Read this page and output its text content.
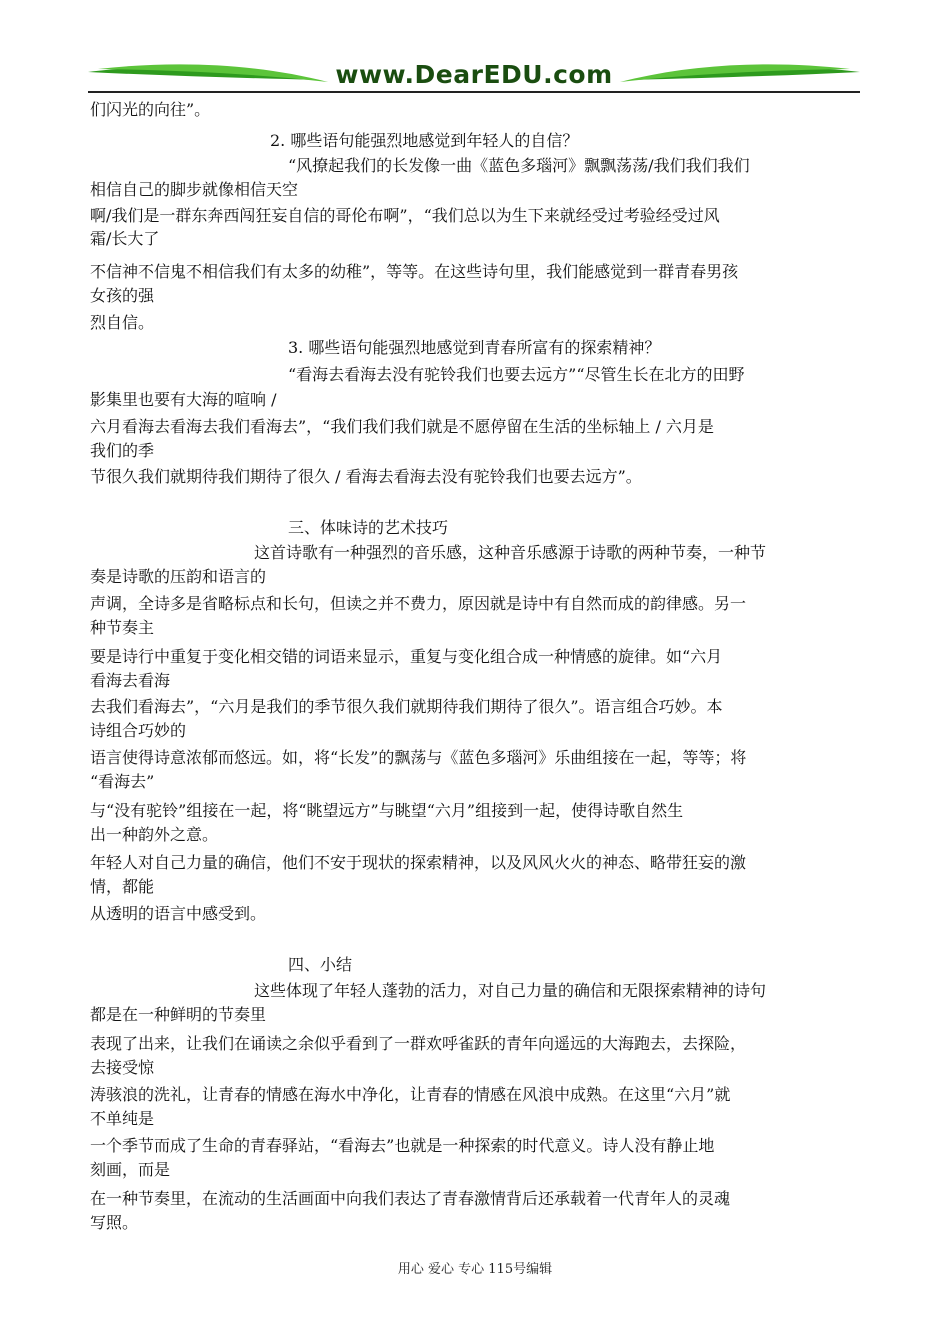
www.DearEDU.com
用心 爱心 专心 115号编辑
们闪光的向往”。
2. 哪些语句能强烈地感觉到年轻人的自信？
“风撩起我们的长发像一曲《蓝色多瑙河》飘飘荡荡/我们我们我们
相信自己的脚步就像相信天空
啊/我们是一群东奔西闯狂妄自信的哥伦布啊”，“我们总以为生下来就经受过考验经受过风
霜/长大了
不信神不信鬼不相信我们有太多的幼稚”，等等。在这些诗句里，我们能感觉到一群青春男孩
女孩的强
烈自信。
3. 哪些语句能强烈地感觉到青春所富有的探索精神？
“看海去看海去没有驼铃我们也要去远方”“尽管生长在北方的田野
影集里也要有大海的喧响 /
六月看海去看海去我们看海去”，“我们我们我们就是不愿停留在生活的坐标轴上 / 六月是
我们的季
节很久我们就期待我们期待了很久 / 看海去看海去没有驼铃我们也要去远方”。
三、体味诗的艺术技巧
这首诗歌有一种强烈的音乐感，这种音乐感源于诗歌的两种节奏，一种节
奏是诗歌的压韵和语言的
声调，全诗多是省略标点和长句，但读之并不费力，原因就是诗中有自然而成的韵律感。另一
种节奏主
要是诗行中重复于变化相交错的词语来显示，重复与变化组合成一种情感的旋律。如“六月
看海去看海
去我们看海去”，“六月是我们的季节很久我们就期待我们期待了很久”。语言组合巧妙。本
诗组合巧妙的
语言使得诗意浓郁而悠远。如，将“长发”的飘荡与《蓝色多瑙河》乐曲组接在一起，等等；将
“看海去”
与“没有驼铃”组接在一起，将“眺望远方”与眺望“六月”组接到一起，使得诗歌自然生
出一种韵外之意。
年轻人对自己力量的确信，他们不安于现状的探索精神，以及风风火火的神态、略带狂妄的激
情，都能
从透明的语言中感受到。
四、小结
这些体现了年轻人蓬勃的活力，对自己力量的确信和无限探索精神的诗句
都是在一种鲜明的节奏里
表现了出来，让我们在诵读之余似乎看到了一群欢呼雀跃的青年向遥远的大海跑去，去探险，
去接受惊
涛骇浪的洗礼，让青春的情感在海水中净化，让青春的情感在风浪中成熟。在这里“六月”就
不单纯是
一个季节而成了生命的青春驿站，“看海去”也就是一种探索的时代意义。诗人没有静止地
刻画，而是
在一种节奏里，在流动的生活画面中向我们表达了青春激情背后还承载着一代青年人的灵魂
写照。
